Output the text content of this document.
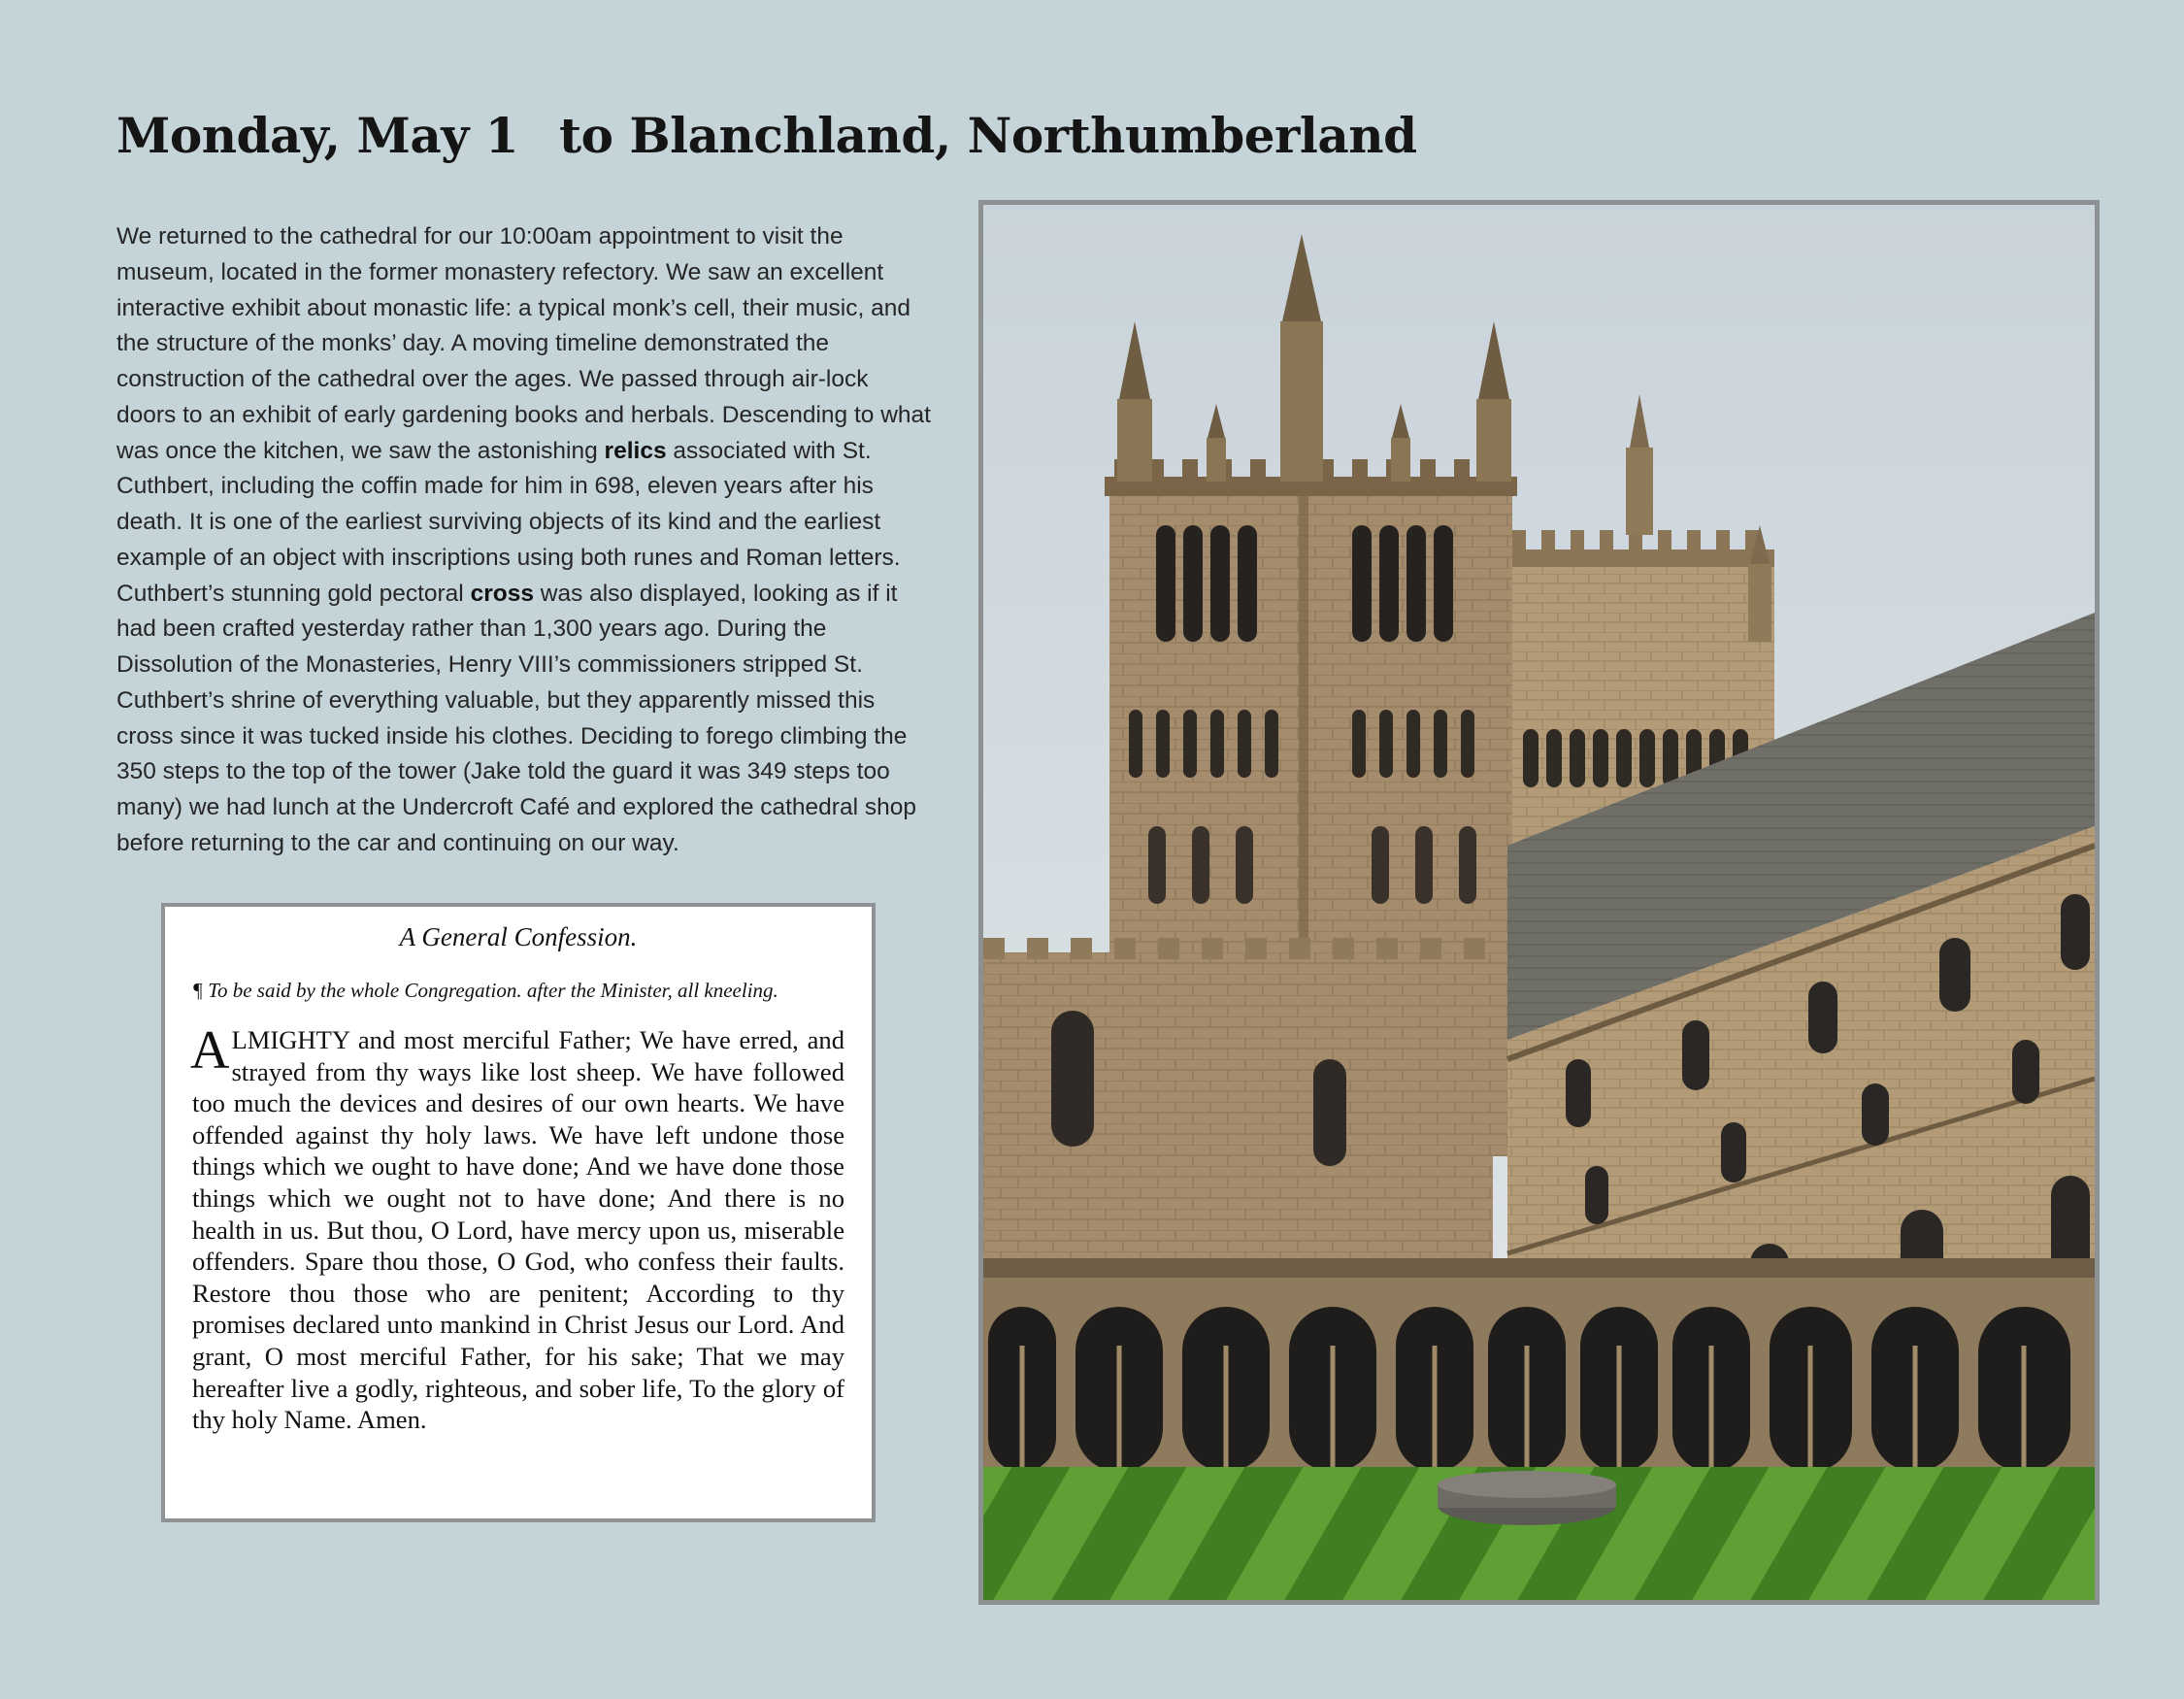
Monday, May 1 to Blanchland, Northumberland

We returned to the cathedral for our 10:00am appointment to visit the museum, located in the former monastery refectory. We saw an excellent interactive exhibit about monastic life: a typical monk’s cell, their music, and the structure of the monks’ day. A moving timeline demonstrated the construction of the cathedral over the ages. We passed through air-lock doors to an exhibit of early gardening books and herbals. Descending to what was once the kitchen, we saw the astonishing relics associated with St. Cuthbert, including the coffin made for him in 698, eleven years after his death. It is one of the earliest surviving objects of its kind and the earliest example of an object with inscriptions using both runes and Roman letters. Cuthbert’s stunning gold pectoral cross was also displayed, looking as if it had been crafted yesterday rather than 1,300 years ago. During the Dissolution of the Monasteries, Henry VIII’s commissioners stripped St. Cuthbert’s shrine of everything valuable, but they apparently missed this cross since it was tucked inside his clothes. Deciding to forego climbing the 350 steps to the top of the tower (Jake told the guard it was 349 steps too many) we had lunch at the Undercroft Café and explored the cathedral shop before returning to the car and continuing on our way.

A General Confession.
¶ To be said by the whole Congregation. after the Minister, all kneeling.

ALMIGHTY and most merciful Father; We have erred, and strayed from thy ways like lost sheep. We have followed too much the devices and desires of our own hearts. We have offended against thy holy laws. We have left undone those things which we ought to have done; And we have done those things which we ought not to have done; And there is no health in us. But thou, O Lord, have mercy upon us, miserable offenders. Spare thou those, O God, who confess their faults. Restore thou those who are penitent; According to thy promises declared unto mankind in Christ Jesus our Lord. And grant, O most merciful Father, for his sake; That we may hereafter live a godly, righteous, and sober life, To the glory of thy holy Name. Amen.
